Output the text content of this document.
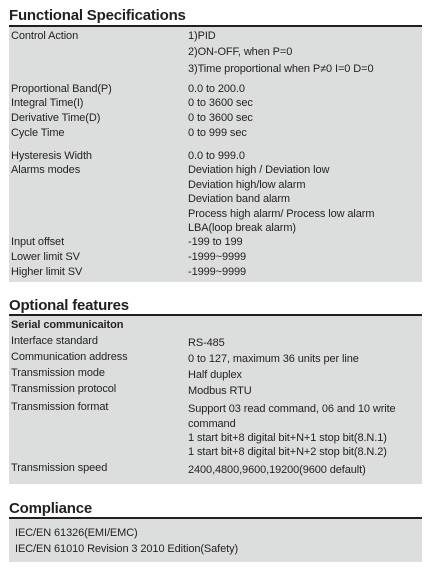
Functional Specifications
Control Action	1)PID
2)ON-OFF, when P=0
3)Time proportional when P≠0 I=0 D=0
Proportional Band(P)	0.0 to 200.0
Integral Time(I)	0 to 3600 sec
Derivative Time(D)	0 to 3600 sec
Cycle Time	0 to 999 sec
Hysteresis Width	0.0 to 999.0
Alarms modes	Deviation high / Deviation low
Deviation high/low alarm
Deviation band alarm
Process high alarm/ Process low alarm
LBA(loop break alarm)
Input offset	-199 to 199
Lower limit SV	-1999~9999
Higher limit SV	-1999~9999
Optional features
Serial communicaiton
Interface standard	RS-485
Communication address	0 to 127, maximum 36 units per line
Transmission mode	Half duplex
Transmission protocol	Modbus RTU
Transmission format	Support 03 read command, 06 and 10 write
command
1 start bit+8 digital bit+N+1 stop bit(8.N.1)
1 start bit+8 digital bit+N+2 stop bit(8.N.2)
Transmission speed	2400,4800,9600,19200(9600 default)
Compliance
IEC/EN 61326(EMI/EMC)
IEC/EN 61010 Revision 3 2010 Edition(Safety)
